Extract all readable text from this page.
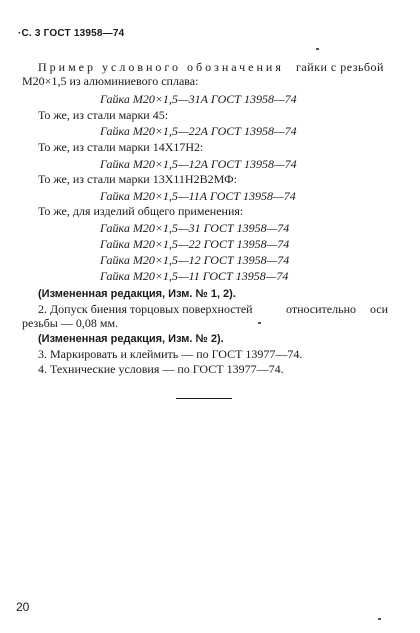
·С. 3 ГОСТ 13958—74
Пример условного обозначения гайки с резьбой
М20×1,5 из алюминиевого сплава:
Гайка М20×1,5—31А ГОСТ 13958—74
То же, из стали марки 45:
Гайка М20×1,5—22А ГОСТ 13958—74
То же, из стали марки 14Х17Н2:
Гайка М20×1,5—12А ГОСТ 13958—74
То же, из стали марки 13Х11Н2В2МФ:
Гайка М20×1,5—11А ГОСТ 13958—74
То же, для изделий общего применения:
Гайка М20×1,5—31 ГОСТ 13958—74
Гайка М20×1,5—22 ГОСТ 13958—74
Гайка М20×1,5—12 ГОСТ 13958—74
Гайка М20×1,5—11 ГОСТ 13958—74
(Измененная редакция, Изм. № 1, 2).
2. Допуск биения торцовых поверхностей	относительно оси
резьбы — 0,08 мм.
(Измененная редакция, Изм. № 2).
3. Маркировать и клеймить — по ГОСТ 13977—74.
4. Технические условия — по ГОСТ 13977—74.
20
